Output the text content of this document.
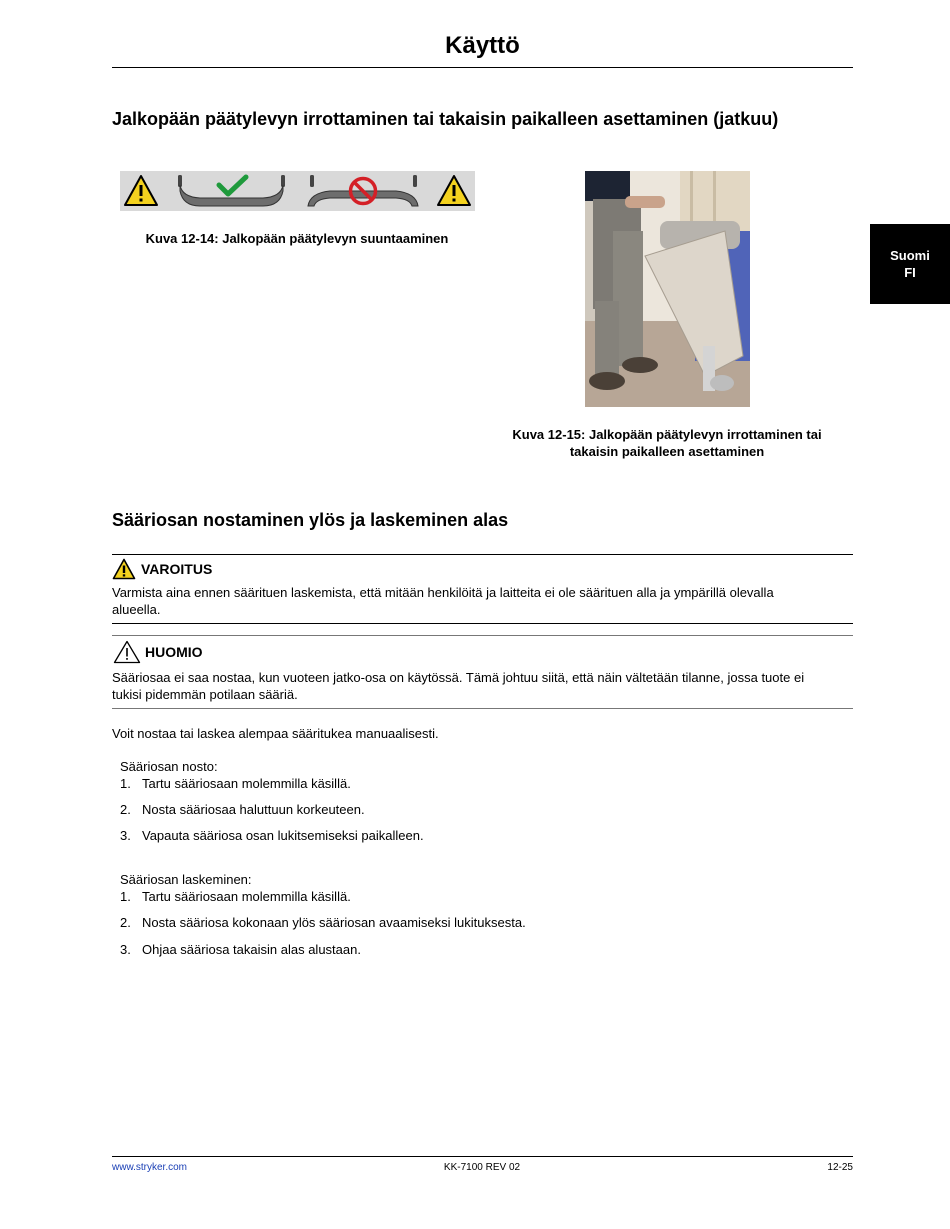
Käyttö
Suomi
FI
Jalkopään päätylevyn irrottaminen tai takaisin paikalleen asettaminen (jatkuu)
Kuva 12-14: Jalkopään päätylevyn suuntaaminen
Kuva 12-15: Jalkopään päätylevyn irrottaminen tai
takaisin paikalleen asettaminen
Sääriosan nostaminen ylös ja laskeminen alas
VAROITUS
Varmista aina ennen säärituen laskemista, että mitään henkilöitä ja laitteita ei ole säärituen alla ja ympärillä olevalla
alueella.
HUOMIO
Sääriosaa ei saa nostaa, kun vuoteen jatko-osa on käytössä. Tämä johtuu siitä, että näin vältetään tilanne, jossa tuote ei
tukisi pidemmän potilaan sääriä.
Voit nostaa tai laskea alempaa sääritukea manuaalisesti.
Sääriosan nosto:
1. Tartu sääriosaan molemmilla käsillä.
2. Nosta sääriosaa haluttuun korkeuteen.
3. Vapauta sääriosa osan lukitsemiseksi paikalleen.
Sääriosan laskeminen:
1. Tartu sääriosaan molemmilla käsillä.
2. Nosta sääriosa kokonaan ylös sääriosan avaamiseksi lukituksesta.
3. Ohjaa sääriosa takaisin alas alustaan.
www.stryker.com	KK-7100 REV 02	12-25
